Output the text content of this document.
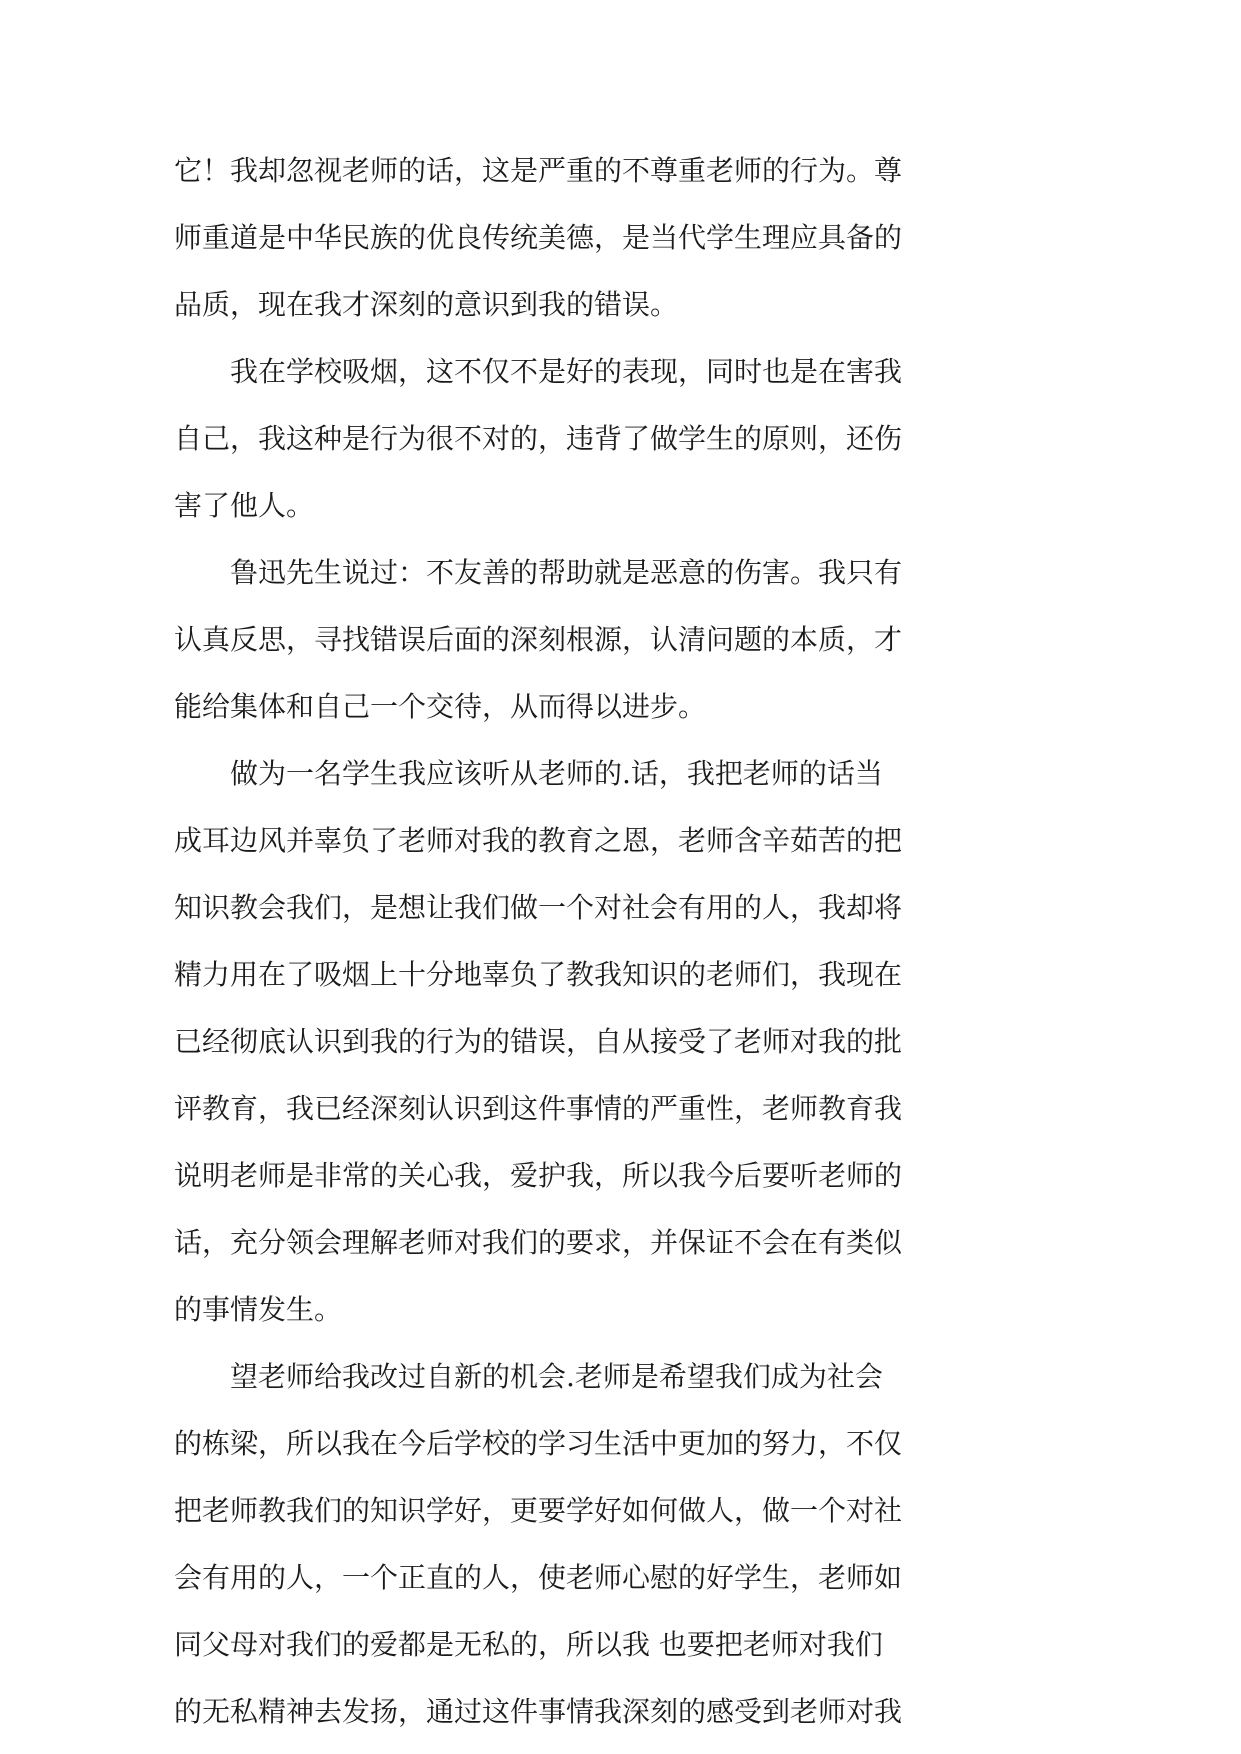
它！我却忽视老师的话，这是严重的不尊重老师的行为。尊

师重道是中华民族的优良传统美德，是当代学生理应具备的

品质，现在我才深刻的意识到我的错误。

我在学校吸烟，这不仅不是好的表现，同时也是在害我

自己，我这种是行为很不对的，违背了做学生的原则，还伤

害了他人。

鲁迅先生说过：不友善的帮助就是恶意的伤害。我只有

认真反思，寻找错误后面的深刻根源，认清问题的本质，才

能给集体和自己一个交待，从而得以进步。

做为一名学生我应该听从老师的.话，我把老师的话当

成耳边风并辜负了老师对我的教育之恩，老师含辛茹苦的把

知识教会我们，是想让我们做一个对社会有用的人，我却将

精力用在了吸烟上十分地辜负了教我知识的老师们，我现在

已经彻底认识到我的行为的错误，自从接受了老师对我的批

评教育，我已经深刻认识到这件事情的严重性，老师教育我

说明老师是非常的关心我，爱护我，所以我今后要听老师的

话，充分领会理解老师对我们的要求，并保证不会在有类似

的事情发生。

望老师给我改过自新的机会.老师是希望我们成为社会

的栋梁，所以我在今后学校的学习生活中更加的努力，不仅

把老师教我们的知识学好，更要学好如何做人，做一个对社

会有用的人，一个正直的人，使老师心慰的好学生，老师如

同父母对我们的爱都是无私的，所以我 也要把老师对我们

的无私精神去发扬，通过这件事情我深刻的感受到老师对我
